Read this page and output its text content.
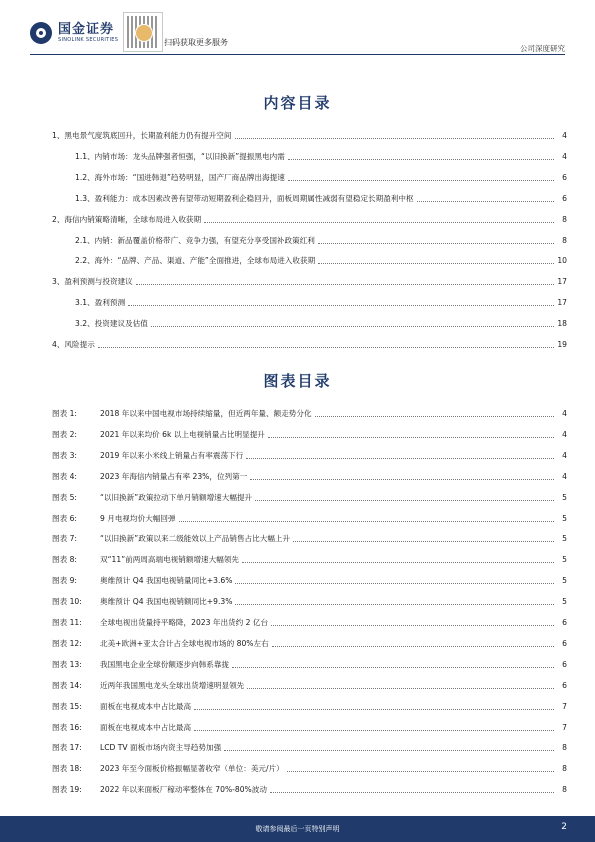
国金证券
SINOLINK SECURITIES	扫码获取更多服务
公司深度研究
内容目录
1、黑电景气度筑底回升，长期盈利能力仍有提升空间	4
1.1、内销市场：龙头品牌强者恒强，“以旧换新”提振黑电内需	4
1.2、海外市场：“国进韩退”趋势明显，国产厂商品牌出海提速	6
1.3、盈利能力：成本因素改善有望带动短期盈利企稳回升，面板周期属性减弱有望稳定长期盈利中枢	6
2、海信内销策略清晰，全球布局进入收获期	8
2.1、内销：新品覆盖价格带广、竞争力强，有望充分享受国补政策红利	8
2.2、海外：“品牌、产品、渠道、产能”全面推进，全球布局进入收获期	10
3、盈利预测与投资建议	17
3.1、盈利预测	17
3.2、投资建议及估值	18
4、风险提示	19
图表目录
图表 1:	2018 年以来中国电视市场持续缩量，但近两年量、额走势分化	4
图表 2:	2021 年以来均价 6k 以上电视销量占比明显提升	4
图表 3:	2019 年以来小米线上销量占有率震荡下行	4
图表 4:	2023 年海信内销量占有率 23%，位列第一	4
图表 5:	“以旧换新”政策拉动下单月销额增速大幅提升	5
图表 6:	9 月电视均价大幅回弹	5
图表 7:	“以旧换新”政策以来二级能效以上产品销售占比大幅上升	5
图表 8:	双“11”前两周高端电视销额增速大幅领先	5
图表 9:	奥维预计 Q4 我国电视销量同比+3.6%	5
图表 10:	奥维预计 Q4 我国电视销额同比+9.3%	5
图表 11:	全球电视出货量持平略降，2023 年出货约 2 亿台	6
图表 12:	北美+欧洲+亚太合计占全球电视市场的 80%左右	6
图表 13:	我国黑电企业全球份额逐步向韩系靠拢	6
图表 14:	近两年我国黑电龙头全球出货增速明显领先	6
图表 15:	面板在电视成本中占比最高	7
图表 16:	面板在电视成本中占比最高	7
图表 17:	LCD TV 面板市场内资主导趋势加强	8
图表 18:	2023 年至今面板价格振幅显著收窄（单位：美元/片）	8
图表 19:	2022 年以来面板厂稼动率整体在 70%-80%波动	8
敬请参阅最后一页特别声明	2
